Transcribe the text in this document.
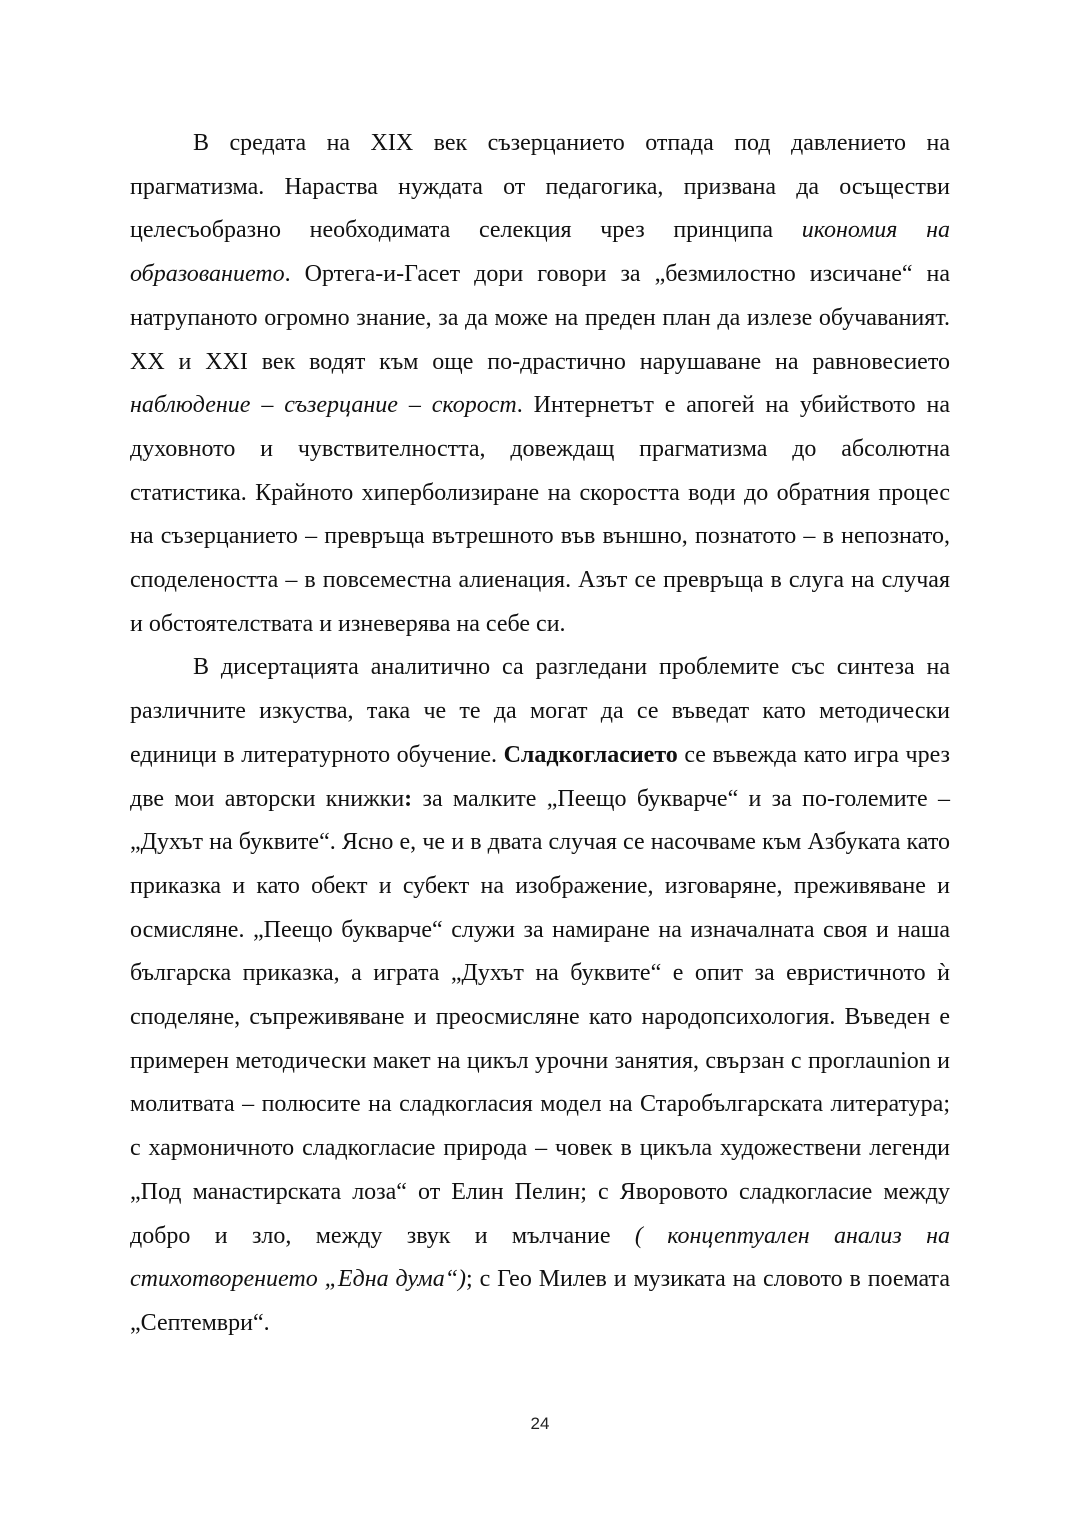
В средата на XIX век съзерцанието отпада под давлението на прагматизма. Нараства нуждата от педагогика, призвана да осъществи целесъобразно необходимата селекция чрез принципа икономия на образованието. Ортега-и-Гасет дори говори за „безмилостно изсичане“ на натрупаното огромно знание, за да може на преден план да излезе обучаваният. XX и XXI век водят към още по-драстично нарушаване на равновесието наблюдение – съзерцание – скорост. Интернетът е апогей на убийството на духовното и чувствителността, довеждащ прагматизма до абсолютна статистика. Крайното хиперболизиране на скоростта води до обратния процес на съзерцанието – превръща вътрешното във външно, познатото – в непознато, споделеността – в повсеместна алиенация. Азът се превръща в слуга на случая и обстоятелствата и изневерява на себе си.

В дисертацията аналитично са разгледани проблемите със синтеза на различните изкуства, така че те да могат да се въведат като методически единици в литературното обучение. Сладкогласието се въвежда като игра чрез две мои авторски книжки: за малките „Пеещо букварче“ и за по-големите – „Духът на буквите“. Ясно е, че и в двата случая се насочваме към Азбуката като приказка и като обект и субект на изображение, изговаряне, преживяване и осмисляне. „Пеещо букварче“ служи за намиране на изначалната своя и наша българска приказка, а играта „Духът на буквите“ е опит за евристичното ѝ споделяне, съпреживяване и преосмисляне като народопсихология. Въведен е примерен методически макет на цикъл урочни занятия, свързан с проглаunion и молитвата – полюсите на сладкогласия модел на Старобългарската литература; с хармоничното сладкогласие природа – човек в цикъла художествени легенди „Под манастирската лоза“ от Елин Пелин; с Яворовото сладкогласие между добро и зло, между звук и мълчание ( концептуален анализ на стихотворението „Една дума“); с Гео Милев и музиката на словото в поемата „Септември“.

24
